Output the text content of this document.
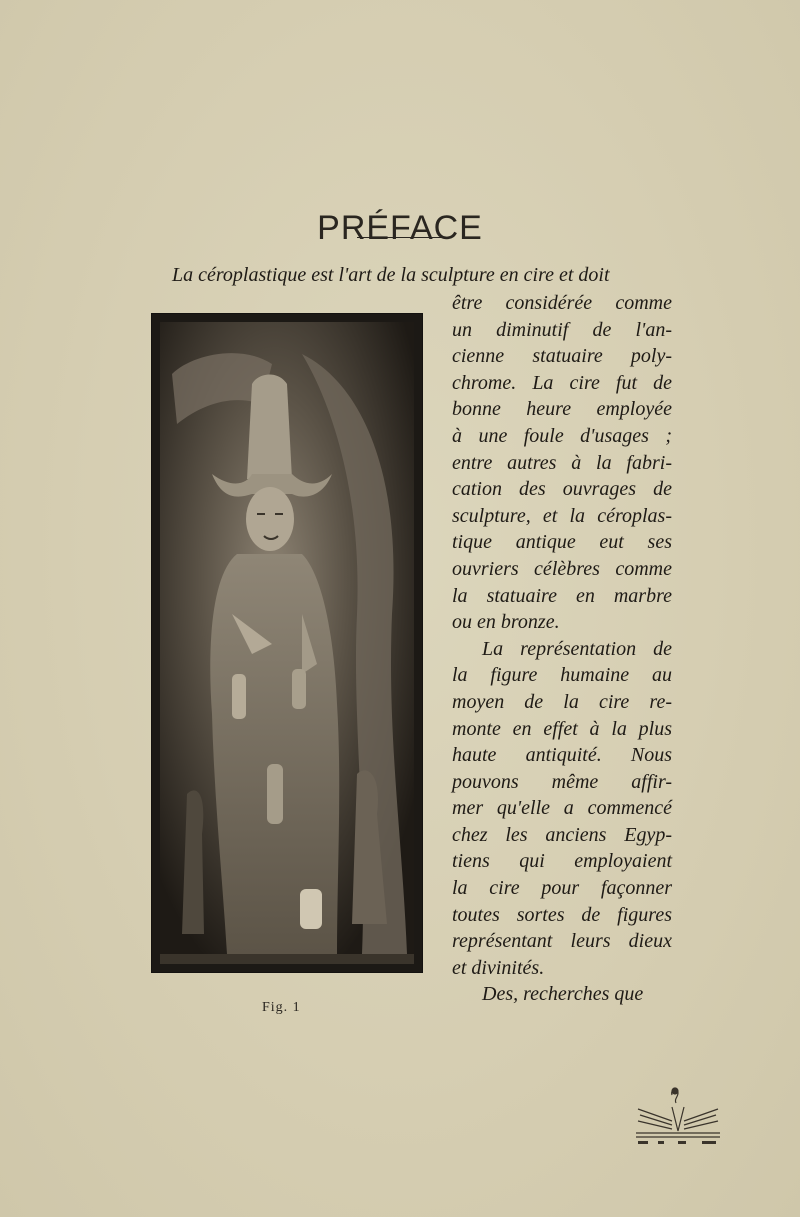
PRÉFACE
La céroplastique est l'art de la sculpture en cire et doit
Fig. 1
être considérée comme
un diminutif de l'an-
cienne statuaire poly-
chrome. La cire fut de
bonne heure employée
à une foule d'usages ;
entre autres à la fabri-
cation des ouvrages de
sculpture, et la céroplas-
tique antique eut ses
ouvriers célèbres comme
la statuaire en marbre
ou en bronze.
La représentation de
la figure humaine au
moyen de la cire re-
monte en effet à la plus
haute antiquité. Nous
pouvons même affir-
mer qu'elle a commencé
chez les anciens Egyp-
tiens qui employaient
la cire pour façonner
toutes sortes de figures
représentant leurs dieux
et divinités.
Des, recherches que
